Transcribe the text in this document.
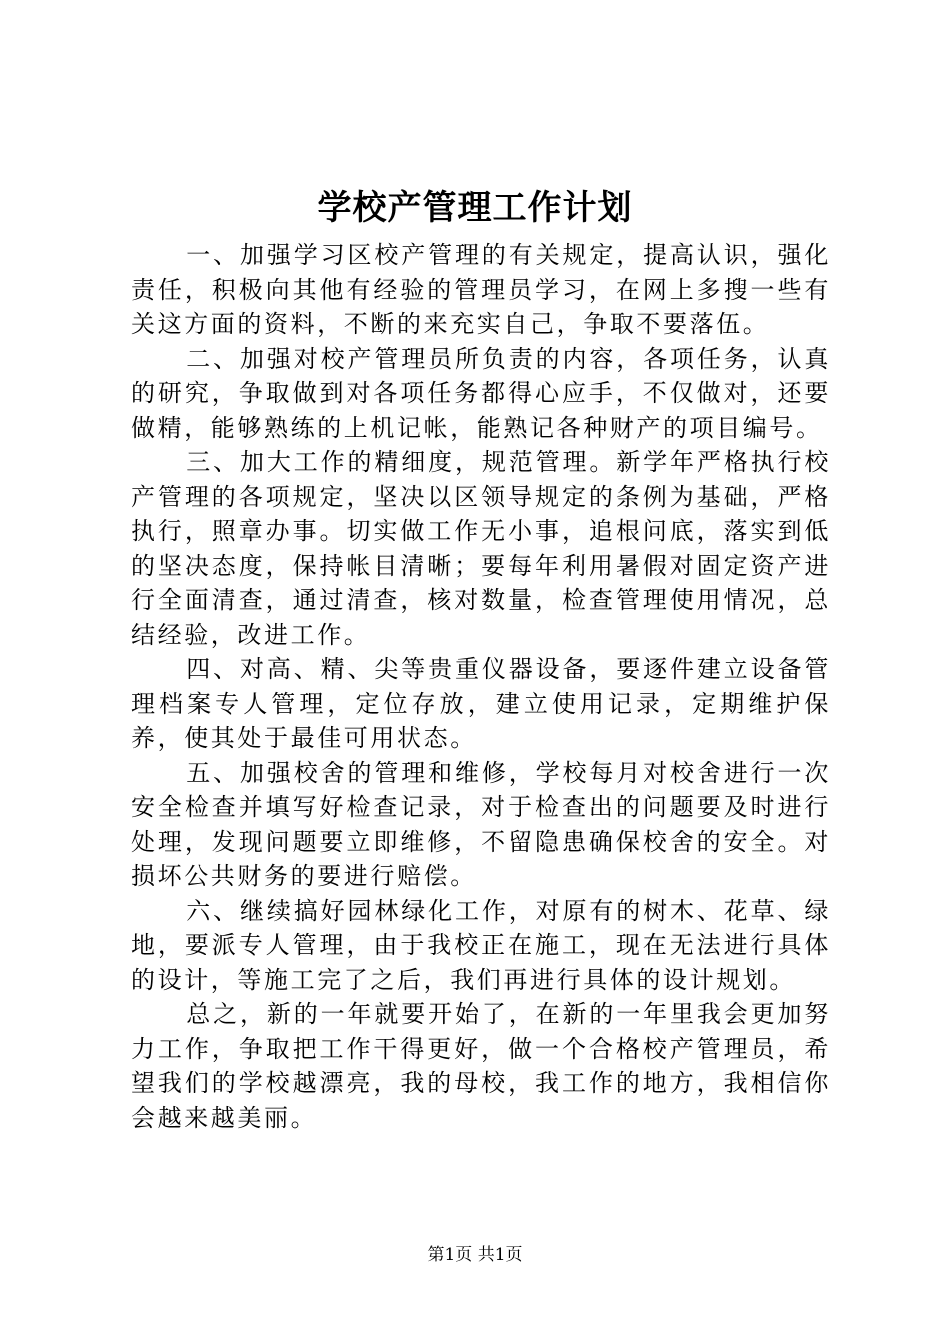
学校产管理工作计划

一、加强学习区校产管理的有关规定，提高认识，强化责任，积极向其他有经验的管理员学习，在网上多搜一些有关这方面的资料，不断的来充实自己，争取不要落伍。

二、加强对校产管理员所负责的内容，各项任务，认真的研究，争取做到对各项任务都得心应手，不仅做对，还要做精，能够熟练的上机记帐，能熟记各种财产的项目编号。

三、加大工作的精细度，规范管理。新学年严格执行校产管理的各项规定，坚决以区领导规定的条例为基础，严格执行，照章办事。切实做工作无小事，追根问底，落实到低的坚决态度，保持帐目清晰；要每年利用暑假对固定资产进行全面清查，通过清查，核对数量，检查管理使用情况，总结经验，改进工作。

四、对高、精、尖等贵重仪器设备，要逐件建立设备管理档案专人管理，定位存放，建立使用记录，定期维护保养，使其处于最佳可用状态。

五、加强校舍的管理和维修，学校每月对校舍进行一次安全检查并填写好检查记录，对于检查出的问题要及时进行处理，发现问题要立即维修，不留隐患确保校舍的安全。对损坏公共财务的要进行赔偿。

六、继续搞好园林绿化工作，对原有的树木、花草、绿地，要派专人管理，由于我校正在施工，现在无法进行具体的设计，等施工完了之后，我们再进行具体的设计规划。

总之，新的一年就要开始了，在新的一年里我会更加努力工作，争取把工作干得更好，做一个合格校产管理员，希望我们的学校越漂亮，我的母校，我工作的地方，我相信你会越来越美丽。

第1页 共1页
